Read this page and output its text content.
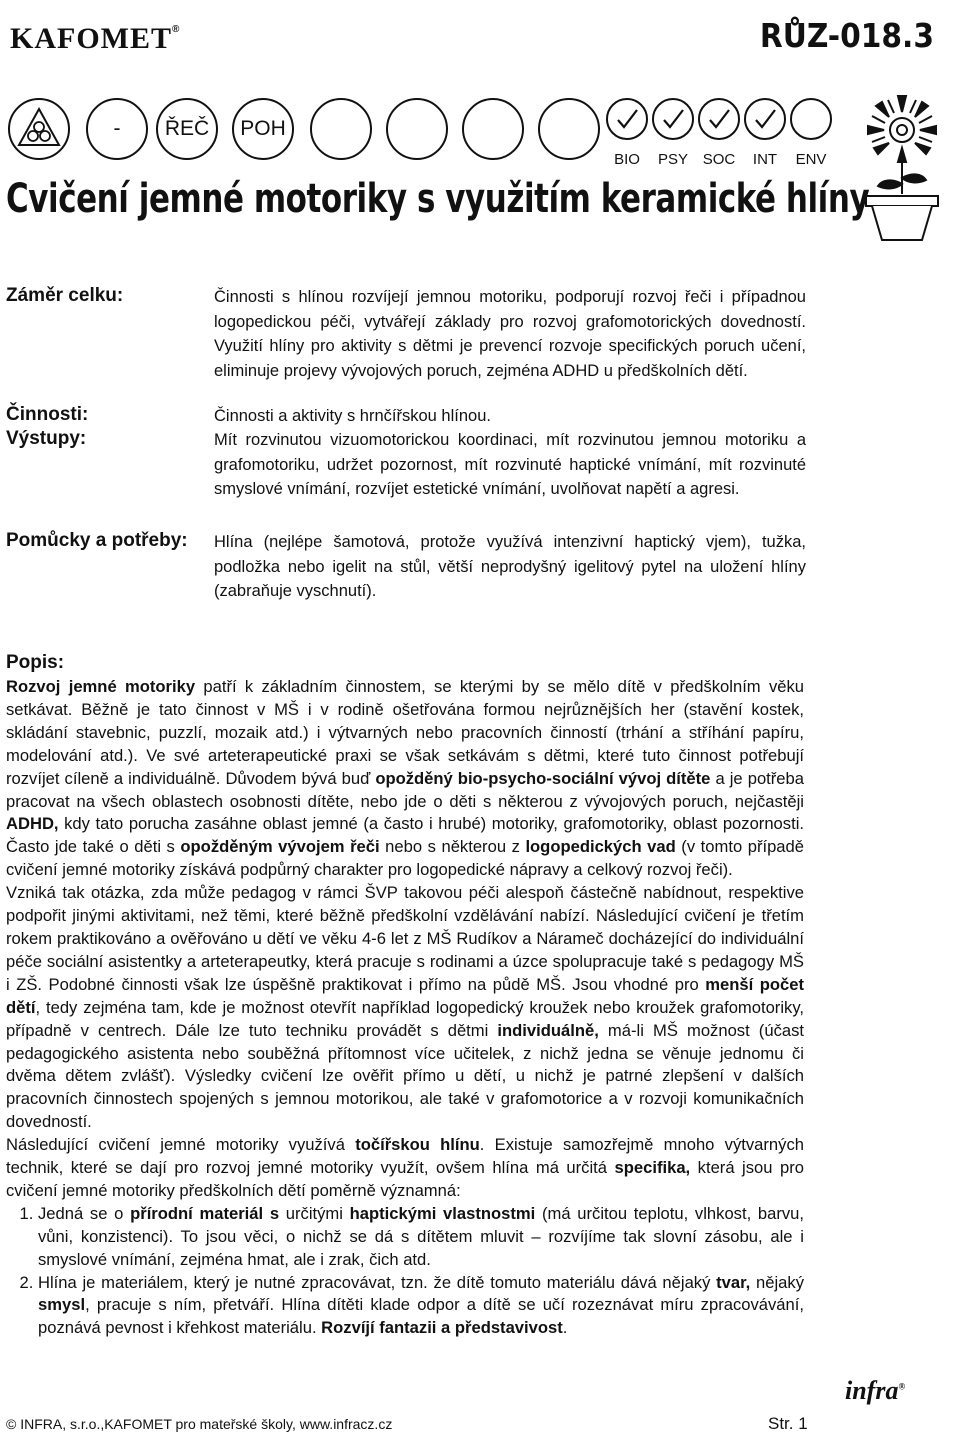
KAFOMET®	RŮZ-018.3
-	ŘEČ	POH
BIO	PSY SOC	INT	ENV
Cvičení jemné motoriky s využitím keramické hlíny
Záměr celku:	Činnosti s hlínou rozvíjejí jemnou motoriku, podporují rozvoj řeči i případnou logopedickou péči, vytvářejí základy pro rozvoj grafomotorických dovedností. Využití hlíny pro aktivity s dětmi je prevencí rozvoje specifických poruch učení, eliminuje projevy vývojových poruch, zejména ADHD u předškolních dětí.
Činnosti:	Činnosti a aktivity s hrnčířskou hlínou.
Výstupy:	Mít rozvinutou vizuomotorickou koordinaci, mít rozvinutou jemnou motoriku a grafomotoriku, udržet pozornost, mít rozvinuté haptické vnímání, mít rozvinuté smyslové vnímání, rozvíjet estetické vnímání, uvolňovat napětí a agresi.
Pomůcky a potřeby: Hlína (nejlépe šamotová, protože využívá intenzivní haptický vjem), tužka, podložka nebo igelit na stůl, větší neprodyšný igelitový pytel na uložení hlíny (zabraňuje vyschnutí).
Popis:

Rozvoj jemné motoriky patří k základním činnostem, se kterými by se mělo dítě v předškolním věku setkávat. Běžně je tato činnost v MŠ i v rodině ošetřována formou nejrůznějších her (stavění kostek, skládání stavebnic, puzzlí, mozaik atd.) i výtvarných nebo pracovních činností (trhání a stříhání papíru, modelování atd.). Ve své arteterapeutické praxi se však setkávám s dětmi, které tuto činnost potřebují rozvíjet cíleně a individuálně. Důvodem bývá buď opožděný bio-psycho-sociální vývoj dítěte a je potřeba pracovat na všech oblastech osobnosti dítěte, nebo jde o děti s některou z vývojových poruch, nejčastěji ADHD, kdy tato porucha zasáhne oblast jemné (a často i hrubé) motoriky, grafomotoriky, oblast pozornosti. Často jde také o děti s opožděným vývojem řeči nebo s některou z logopedických vad (v tomto případě cvičení jemné motoriky získává podpůrný charakter pro logopedické nápravy a celkový rozvoj řeči).

Vzniká tak otázka, zda může pedagog v rámci ŠVP takovou péči alespoň částečně nabídnout, respektive podpořit jinými aktivitami, než těmi, které běžně předškolní vzdělávání nabízí. Následující cvičení je třetím rokem praktikováno a ověřováno u dětí ve věku 4-6 let z MŠ Rudíkov a Náramеč docházející do individuální péče sociální asistentky a arteterapeutky, která pracuje s rodinami a úzce spolupracuje také s pedagogy MŠ i ZŠ. Podobné činnosti však lze úspěšně praktikovat i přímo na půdě MŠ. Jsou vhodné pro menší počet dětí, tedy zejména tam, kde je možnost otevřít například logopedický kroužek nebo kroužek grafomotoriky, případně v centrech. Dále lze tuto techniku provádět s dětmi individuálně, má-li MŠ možnost (účast pedagogického asistenta nebo souběžná přítomnost více učitelek, z nichž jedna se věnuje jednomu či dvěma dětem zvlášť). Výsledky cvičení lze ověřit přímo u dětí, u nichž je patrné zlepšení v dalších pracovních činnostech spojených s jemnou motorikou, ale také v grafomotorice a v rozvoji komunikačních dovedností.

Následující cvičení jemné motoriky využívá točířskou hlínu. Existuje samozřejmě mnoho výtvarných technik, které se dají pro rozvoj jemné motoriky využít, ovšem hlína má určitá specifika, která jsou pro cvičení jemné motoriky předškolních dětí poměrně významná:

1. Jedná se o přírodní materiál s určitými haptickými vlastnostmi (má určitou teplotu, vlhkost, barvu, vůni, konzistenci). To jsou věci, o nichž se dá s dítětem mluvit – rozvíjíme tak slovní zásobu, ale i smyslové vnímání, zejména hmat, ale i zrak, čich atd.
2. Hlína je materiálem, který je nutné zpracovávat, tzn. že dítě tomuto materiálu dává nějaký tvar, nějaký smysl, pracuje s ním, přetváří. Hlína dítěti klade odpor a dítě se učí rozeznávat míru zpracovávání, poznává pevnost i křehkost materiálu. Rozvíjí fantazii a představivost.
infra®
© INFRA, s.r.o.,KAFOMET pro mateřské školy, www.infracz.cz	Str. 1
